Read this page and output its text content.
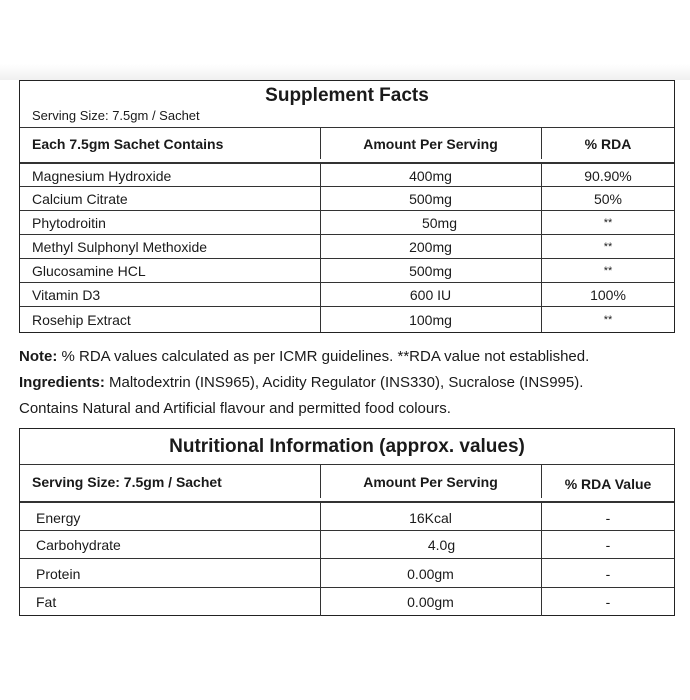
Supplement Facts
Serving Size: 7.5gm / Sachet
Each 7.5gm Sachet Contains	Amount Per Serving	% RDA
Magnesium Hydroxide	400mg	90.90%
Calcium Citrate	500mg	50%
Phytodroitin	50mg	**
Methyl Sulphonyl Methoxide	200mg	**
Glucosamine HCL	500mg	**
Vitamin D3	600 IU	100%
Rosehip Extract	100mg	**

Note: % RDA values calculated as per ICMR guidelines. **RDA value not established.

Ingredients: Maltodextrin (INS965), Acidity Regulator (INS330), Sucralose (INS995).

Contains Natural and Artificial flavour and permitted food colours.

Nutritional Information (approx. values)
Serving Size: 7.5gm / Sachet	Amount Per Serving	% RDA Value
Energy	16Kcal	-
Carbohydrate	4.0g	-
Protein	0.00gm	-
Fat	0.00gm	-
